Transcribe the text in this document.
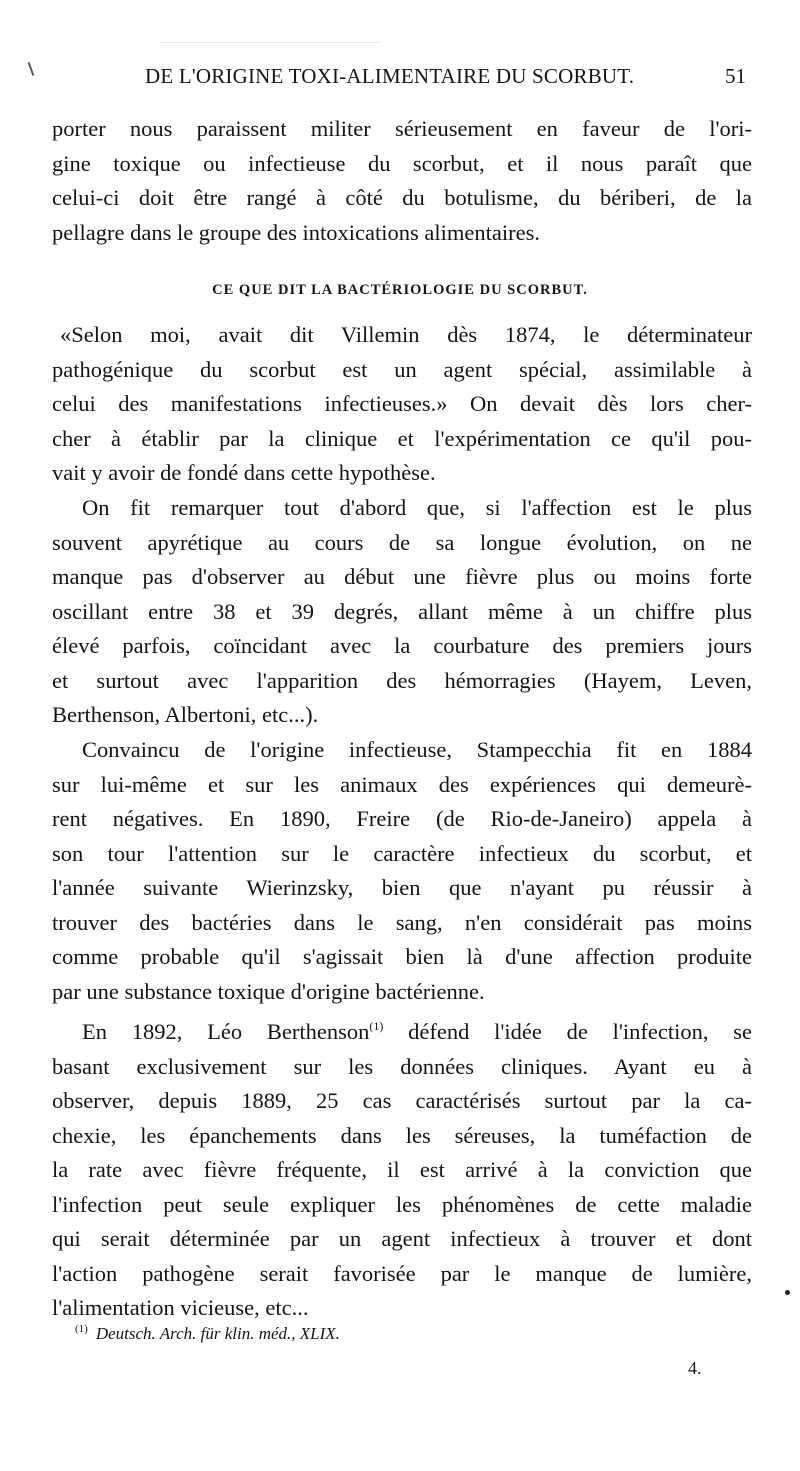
DE L'ORIGINE TOXI-ALIMENTAIRE DU SCORBUT.	51
porter nous paraissent militer sérieusement en faveur de l'ori-
gine toxique ou infectieuse du scorbut, et il nous paraît que
celui-ci doit être rangé à côté du botulisme, du bériberi, de la
pellagre dans le groupe des intoxications alimentaires.
CE QUE DIT LA BACTÉRIOLOGIE DU SCORBUT.
«Selon moi, avait dit Villemin dès 1874, le déterminateur
pathogénique du scorbut est un agent spécial, assimilable à
celui des manifestations infectieuses.» On devait dès lors cher-
cher à établir par la clinique et l'expérimentation ce qu'il pou-
vait y avoir de fondé dans cette hypothèse.
On fit remarquer tout d'abord que, si l'affection est le plus
souvent apyrétique au cours de sa longue évolution, on ne
manque pas d'observer au début une fièvre plus ou moins forte
oscillant entre 38 et 39 degrés, allant même à un chiffre plus
élevé parfois, coïncidant avec la courbature des premiers jours
et surtout avec l'apparition des hémorragies (Hayem, Leven,
Berthenson, Albertoni, etc...).
Convaincu de l'origine infectieuse, Stampecchia fit en 1884
sur lui-même et sur les animaux des expériences qui demeurè-
rent négatives. En 1890, Freire (de Rio-de-Janeiro) appela à
son tour l'attention sur le caractère infectieux du scorbut, et
l'année suivante Wierinzsky, bien que n'ayant pu réussir à
trouver des bactéries dans le sang, n'en considérait pas moins
comme probable qu'il s'agissait bien là d'une affection produite
par une substance toxique d'origine bactérienne.
En 1892, Léo Berthenson$^{(1)}$ défend l'idée de l'infection, se
basant exclusivement sur les données cliniques. Ayant eu à
observer, depuis 1889, 25 cas caractérisés surtout par la ca-
chexie, les épanchements dans les séreuses, la tuméfaction de
la rate avec fièvre fréquente, il est arrivé à la conviction que
l'infection peut seule expliquer les phénomènes de cette maladie
qui serait déterminée par un agent infectieux à trouver et dont
l'action pathogène serait favorisée par le manque de lumière,
l'alimentation vicieuse, etc...
$^{(1)}$ Deutsch. Arch. für klin. méd., XLIX.
4.
